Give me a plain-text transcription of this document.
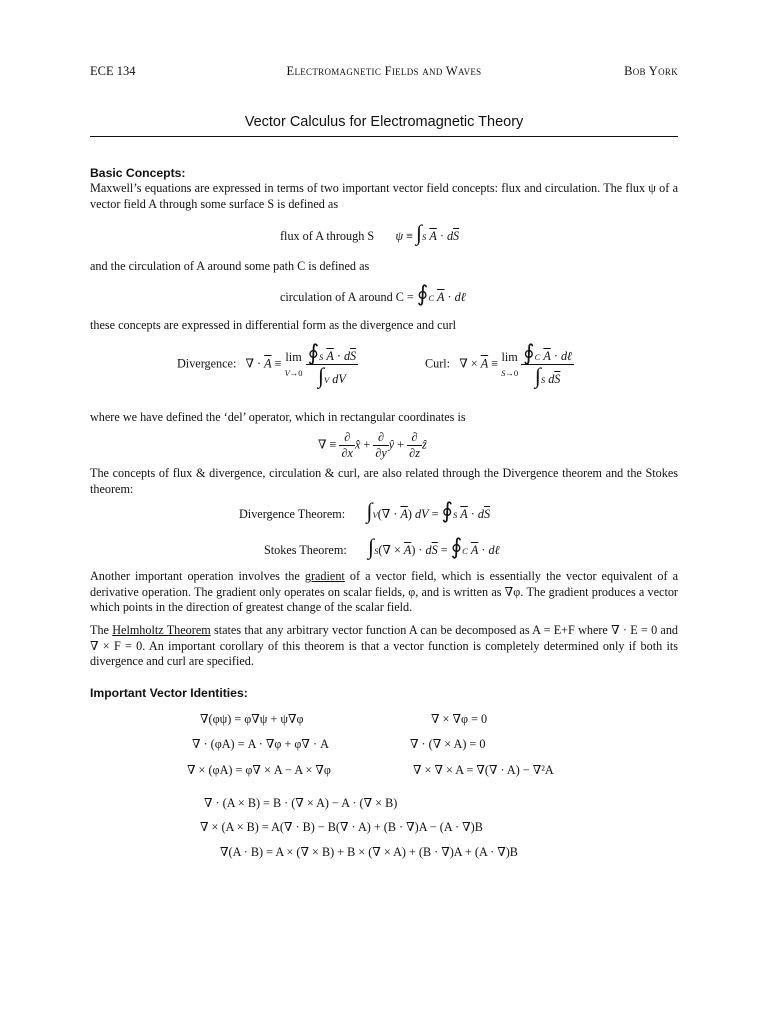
ECE 134	Electromagnetic Fields and Waves	Bob York
Vector Calculus for Electromagnetic Theory
Basic Concepts:
Maxwell’s equations are expressed in terms of two important vector field concepts: flux and circulation. The flux ψ of a vector field A through some surface S is defined as
flux of A through S ψ ≡ ∫S $\overline{A} \cdot d\overline{S}$
and the circulation of A around some path C is defined as
circulation of A around C = ∮C $\overline{A}$ · dℓ
these concepts are expressed in differential form as the divergence and curl
Divergence:   ∇ · $\overline{A} \equiv \lim$
$V\to 0 \frac{∮S \overline{A} \cdot d\overline{S}}{\text{∫V dV}}$	Curl:   ∇ × $\overline{A} \equiv \lim$
$S\to 0 \frac{∮C \overline{A} \cdot d\ell}{\int S d\overline{S}}$
where we have defined the ‘del’ operator, which in rectangular coordinates is
∇ ≡ $\frac{\partial}{\partial x}$ x̂ + $\frac{\partial}{\partial y}$ ŷ + $\frac{\partial}{\partial z}$ ẑ
The concepts of flux & divergence, circulation & curl, are also related through the Divergence theorem and the Stokes theorem:
Divergence Theorem: $\int V(\nabla \cdot \overline{A})$ dV = ∮S $\overline{A} \cdot d\overline{S}$
Stokes Theorem: $\int S(\nabla \times \overline{A}) \cdot d\overline{S}$ = ∮C $\overline{A}$ · dℓ
Another important operation involves the gradient of a vector field, which is essentially the vector equivalent of a derivative operation. The gradient only operates on scalar fields, φ, and is written as ∇φ. The gradient produces a vector which points in the direction of greatest change of the scalar field.
The Helmholtz Theorem states that any arbitrary vector function A can be decomposed as A = E+F where ∇ · E = 0 and ∇ × F = 0. An important corollary of this theorem is that a vector function is completely determined only if both its divergence and curl are specified.
Important Vector Identities:
∇(φψ) = φ∇ψ + ψ∇φ
∇ · (φA) = A · ∇φ + φ∇ · A
∇ × (φA) = φ∇ × A − A × ∇φ
∇ × ∇φ = 0
∇ · (∇ × A) = 0
∇ × ∇ × A = ∇(∇ · A) − ∇²A
∇ · (A × B) = B · (∇ × A) − A · (∇ × B)
∇ × (A × B) = A(∇ · B) − B(∇ · A) + (B · ∇)A − (A · ∇)B
∇(A · B) = A × (∇ × B) + B × (∇ × A) + (B · ∇)A + (A · ∇)B
